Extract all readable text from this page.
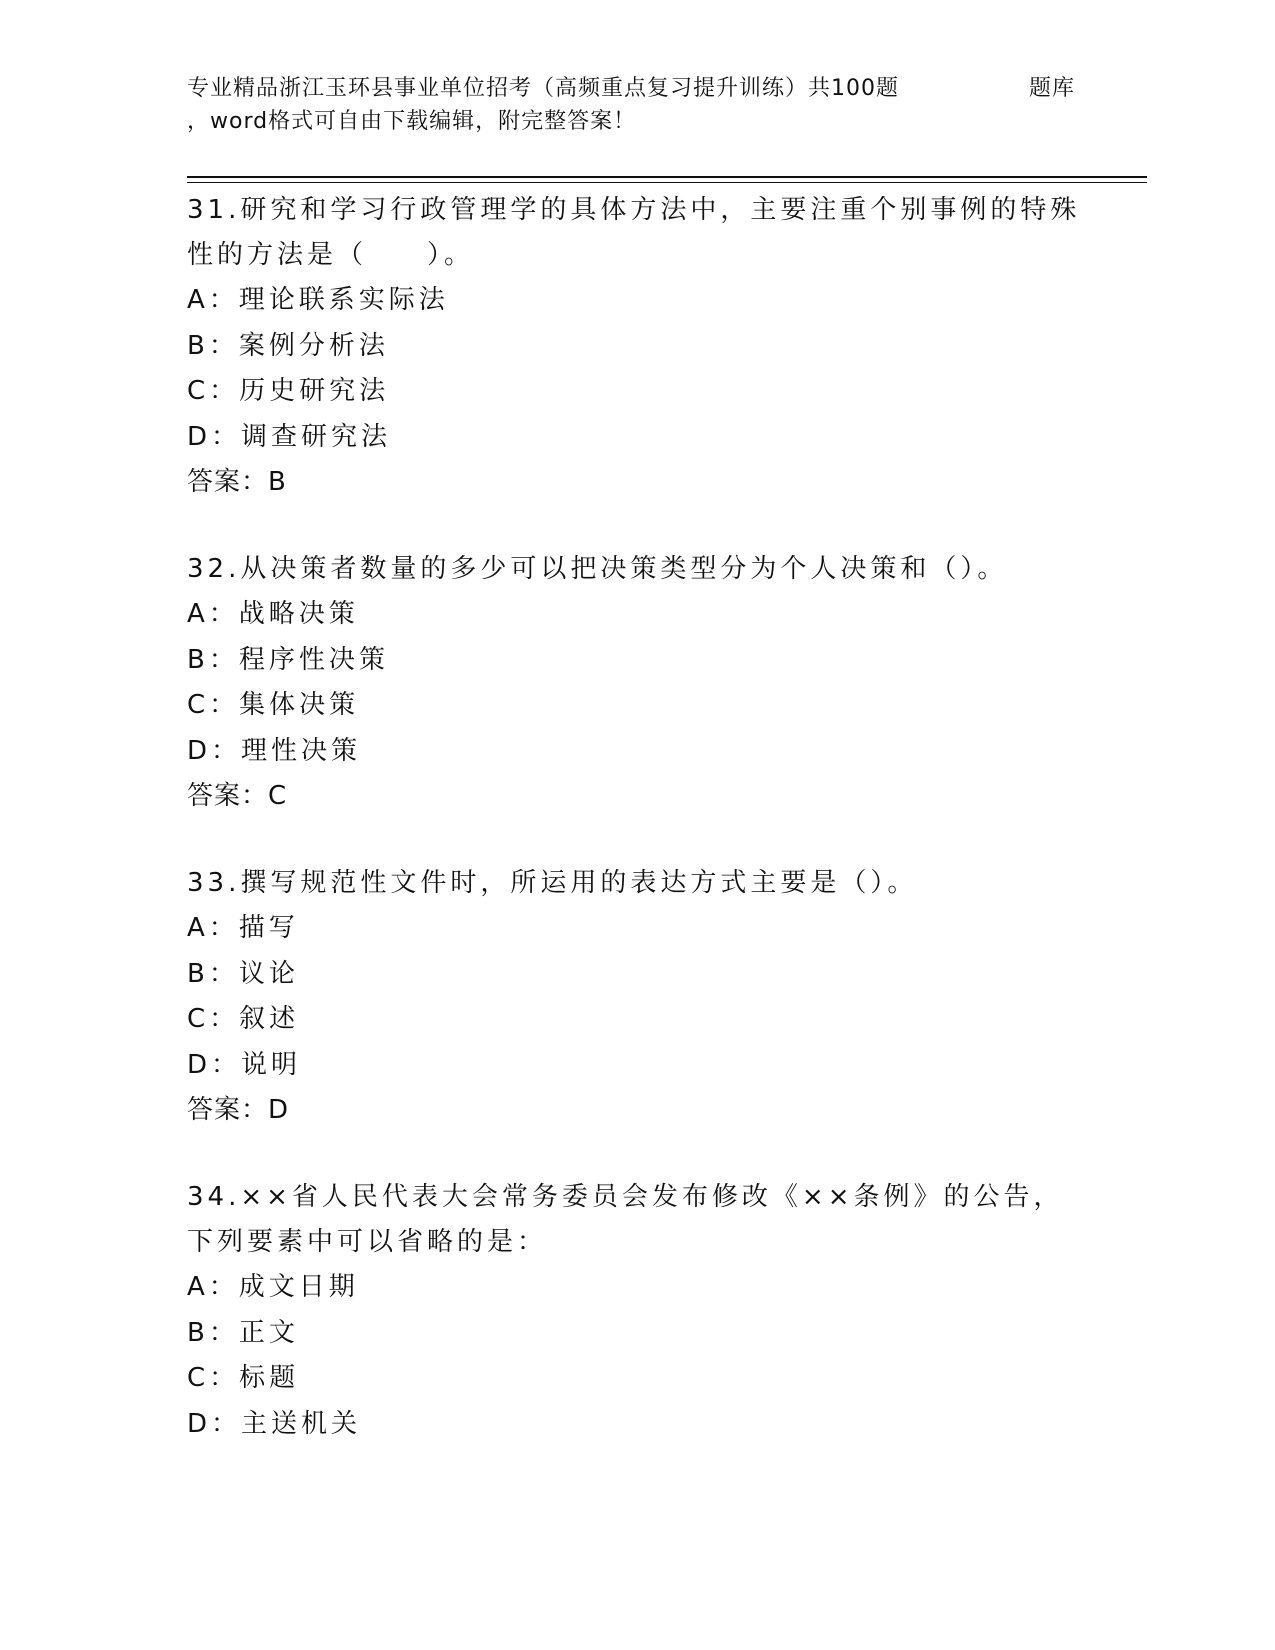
专业精品浙江玉环县事业单位招考（高频重点复习提升训练）共100题	题库
，word格式可自由下载编辑，附完整答案！

31.研究和学习行政管理学的具体方法中，主要注重个别事例的特殊性的方法是（　　）。

A：理论联系实际法

B：案例分析法

C：历史研究法

D：调查研究法

答案：B

32.从决策者数量的多少可以把决策类型分为个人决策和（）。

A：战略决策

B：程序性决策

C：集体决策

D：理性决策

答案：C

33.撰写规范性文件时，所运用的表达方式主要是（）。

A：描写

B：议论

C：叙述

D：说明

答案：D

34.××省人民代表大会常务委员会发布修改《××条例》的公告，下列要素中可以省略的是：

A：成文日期

B：正文

C：标题

D：主送机关
